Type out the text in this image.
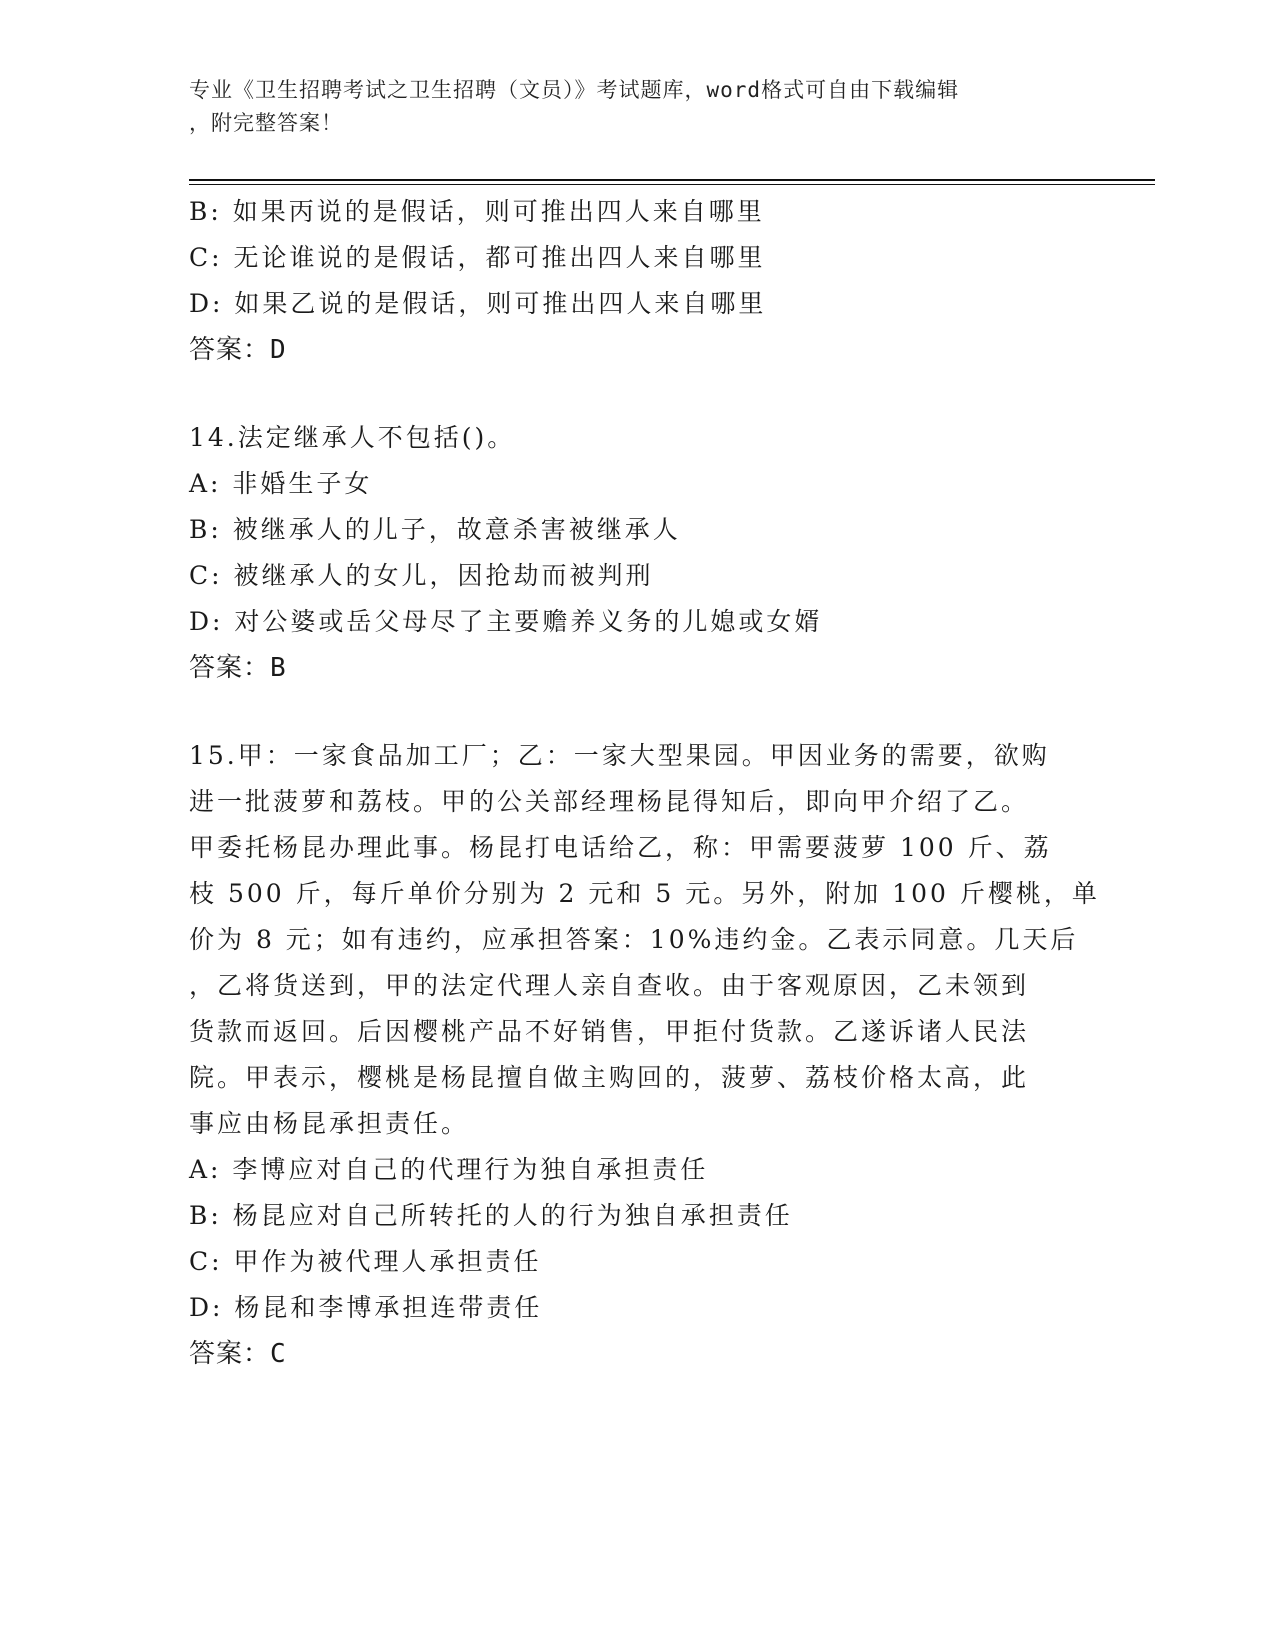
专业《卫生招聘考试之卫生招聘（文员）》考试题库，word格式可自由下载编辑
，附完整答案！
B: 如果丙说的是假话，则可推出四人来自哪里
C: 无论谁说的是假话，都可推出四人来自哪里
D: 如果乙说的是假话，则可推出四人来自哪里
答案：D
14.法定继承人不包括()。
A: 非婚生子女
B: 被继承人的儿子，故意杀害被继承人
C: 被继承人的女儿，因抢劫而被判刑
D: 对公婆或岳父母尽了主要赡养义务的儿媳或女婿
答案：B
15.甲：一家食品加工厂；乙：一家大型果园。甲因业务的需要，欲购
进一批菠萝和荔枝。甲的公关部经理杨昆得知后，即向甲介绍了乙。
甲委托杨昆办理此事。杨昆打电话给乙，称：甲需要菠萝 100 斤、荔
枝 500 斤，每斤单价分别为 2 元和 5 元。另外，附加 100 斤樱桃，单
价为 8 元；如有违约，应承担答案：10%违约金。乙表示同意。几天后
，乙将货送到，甲的法定代理人亲自查收。由于客观原因，乙未领到
货款而返回。后因樱桃产品不好销售，甲拒付货款。乙遂诉诸人民法
院。甲表示，樱桃是杨昆擅自做主购回的，菠萝、荔枝价格太高，此
事应由杨昆承担责任。
A: 李博应对自己的代理行为独自承担责任
B: 杨昆应对自己所转托的人的行为独自承担责任
C: 甲作为被代理人承担责任
D: 杨昆和李博承担连带责任
答案：C
